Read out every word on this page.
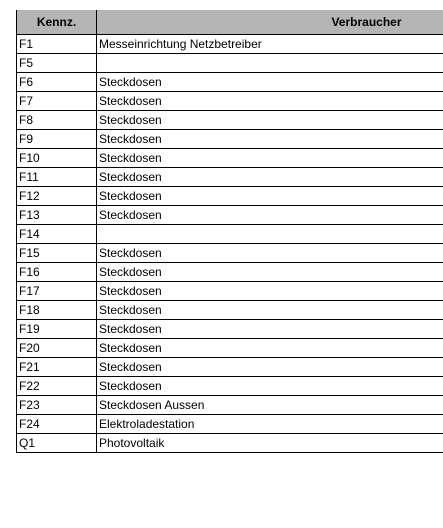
Kennz.	Verbraucher
F1	Messeinrichtung Netzbetreiber
F5	
F6	Steckdosen
F7	Steckdosen
F8	Steckdosen
F9	Steckdosen
F10	Steckdosen
F11	Steckdosen
F12	Steckdosen
F13	Steckdosen
F14	
F15	Steckdosen
F16	Steckdosen
F17	Steckdosen
F18	Steckdosen
F19	Steckdosen
F20	Steckdosen
F21	Steckdosen
F22	Steckdosen
F23	Steckdosen Aussen
F24	Elektroladestation
Q1	Photovoltaik
